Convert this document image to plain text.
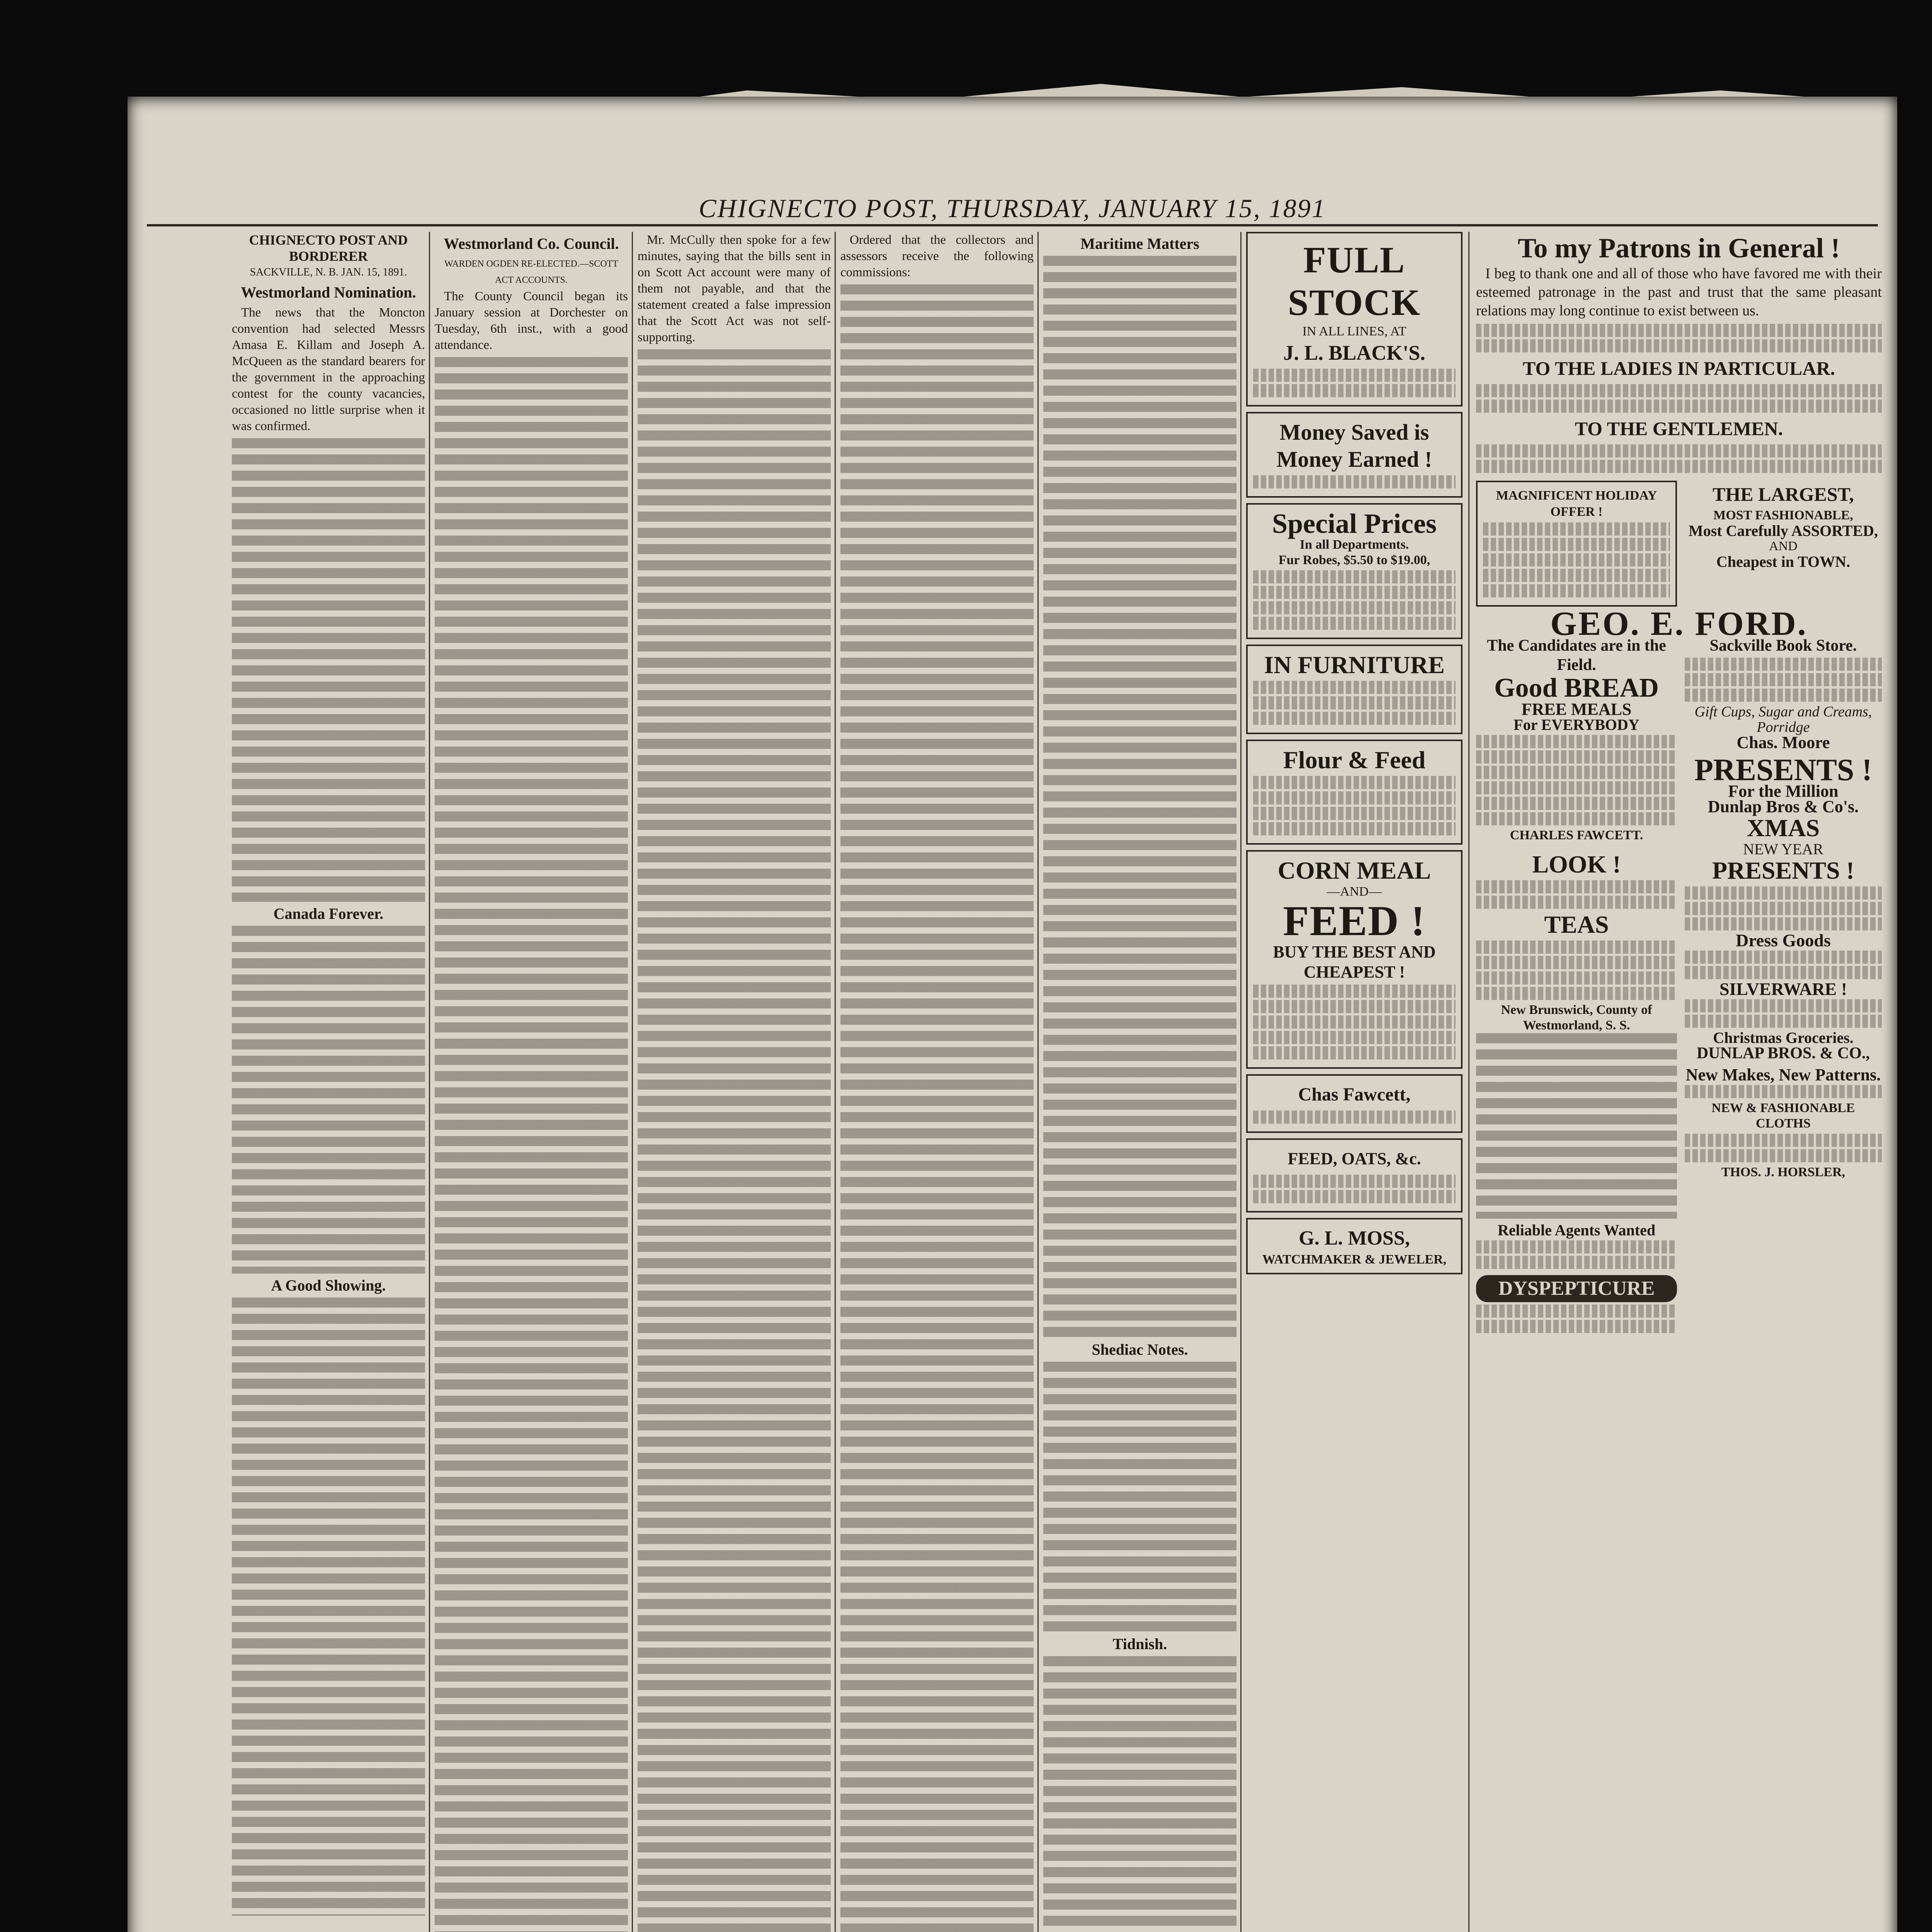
CHIGNECTO POST, THURSDAY, JANUARY 15, 1891
CHIGNECTO POST AND BORDERER
SACKVILLE, N. B. JAN. 15, 1891.
Westmorland Nomination.

The news that the Moncton convention had selected Messrs Amasa E. Killam and Joseph A. McQueen as the standard bearers for the government in the approaching contest for the county vacancies, occasioned no little surprise when it was confirmed.

Canada Forever.
A Good Showing.
Westmorland Co. Council.
WARDEN OGDEN RE-ELECTED.—SCOTT ACT ACCOUNTS.

The County Council began its January session at Dorchester on Tuesday, 6th inst., with a good attendance.

Mr. McCully then spoke for a few minutes, saying that the bills sent in on Scott Act account were many of them not payable, and that the statement created a false impression that the Scott Act was not self-supporting.

Ordered that the collectors and assessors receive the following commissions:

Maritime Matters
Shediac Notes.
Tidnish.
FULL STOCK
IN ALL LINES, AT
J. L. BLACK'S.
Money Saved is Money Earned !
Special Prices
In all Departments.
Fur Robes, $5.50 to $19.00,
IN FURNITURE
Flour & Feed
CORN MEAL
—AND—
FEED !
BUY THE BEST AND CHEAPEST !
Chas Fawcett,
FEED, OATS, &c.
G. L. MOSS,
WATCHMAKER & JEWELER,
To my Patrons in General !

I beg to thank one and all of those who have favored me with their esteemed patronage in the past and trust that the same pleasant relations may long continue to exist between us.

TO THE LADIES IN PARTICULAR.
TO THE GENTLEMEN.
MAGNIFICENT HOLIDAY OFFER !
THE LARGEST,
MOST FASHIONABLE,
Most Carefully ASSORTED,
AND
Cheapest in TOWN.
GEO. E. FORD.
The Candidates are in the Field.
Good BREAD
FREE MEALS
For EVERYBODY
CHARLES FAWCETT.
LOOK !
TEAS
New Brunswick, County of Westmorland, S. S.
Reliable Agents Wanted
DYSPEPTICURE
Sackville Book Store.
Gift Cups, Sugar and Creams, Porridge
Chas. Moore
PRESENTS !
For the Million
Dunlap Bros & Co's.
XMAS
NEW YEAR
PRESENTS !
Dress Goods
SILVERWARE !
Christmas Groceries.
DUNLAP BROS. & CO.,
New Makes, New Patterns.
NEW & FASHIONABLE CLOTHS
THOS. J. HORSLER,
